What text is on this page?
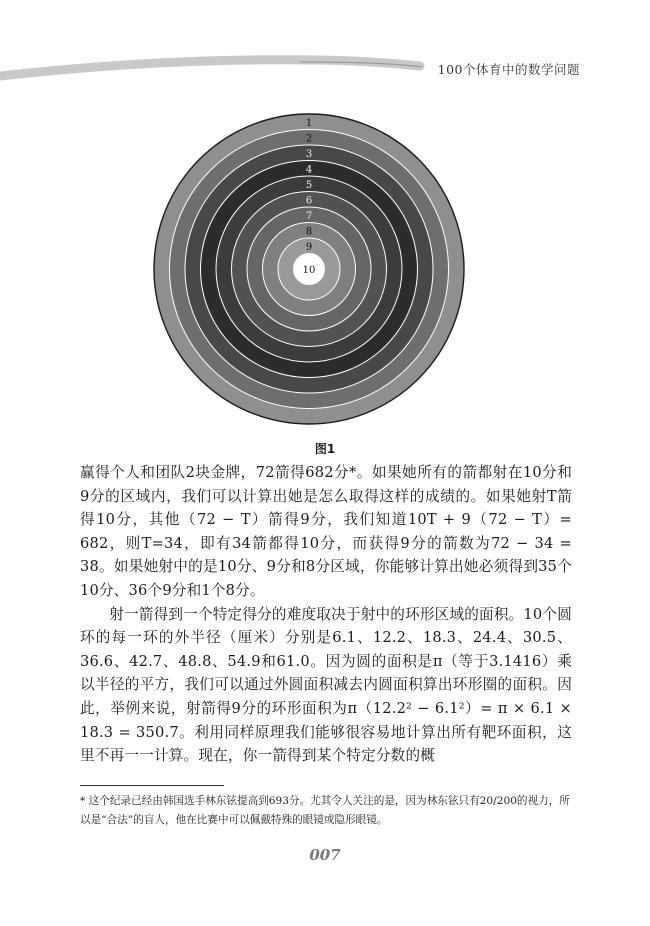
100个体育中的数学问题
1
2
3
4
5
6
7
8
9
10
图1

赢得个人和团队2块金牌，72箭得682分*。如果她所有的箭都射在10分和9分的区域内，我们可以计算出她是怎么取得这样的成绩的。如果她射T箭得10分，其他（72 − T）箭得9分，我们知道10T + 9（72 − T）= 682，则T=34，即有34箭都得10分，而获得9分的箭数为72 − 34 = 38。如果她射中的是10分、9分和8分区域，你能够计算出她必须得到35个10分、36个9分和1个8分。

射一箭得到一个特定得分的难度取决于射中的环形区域的面积。10个圆环的每一环的外半径（厘米）分别是6.1、12.2、18.3、24.4、30.5、36.6、42.7、48.8、54.9和61.0。因为圆的面积是π（等于3.1416）乘以半径的平方，我们可以通过外圆面积减去内圆面积算出环形圈的面积。因此，举例来说，射箭得9分的环形面积为π（12.2² − 6.1²）= π × 6.1 × 18.3 = 350.7。利用同样原理我们能够很容易地计算出所有靶环面积，这里不再一一计算。现在，你一箭得到某个特定分数的概

* 这个纪录已经由韩国选手林东铉提高到693分。尤其令人关注的是，因为林东铉只有20/200的视力，所以是“合法”的盲人，他在比赛中可以佩戴特殊的眼镜或隐形眼镜。
007
